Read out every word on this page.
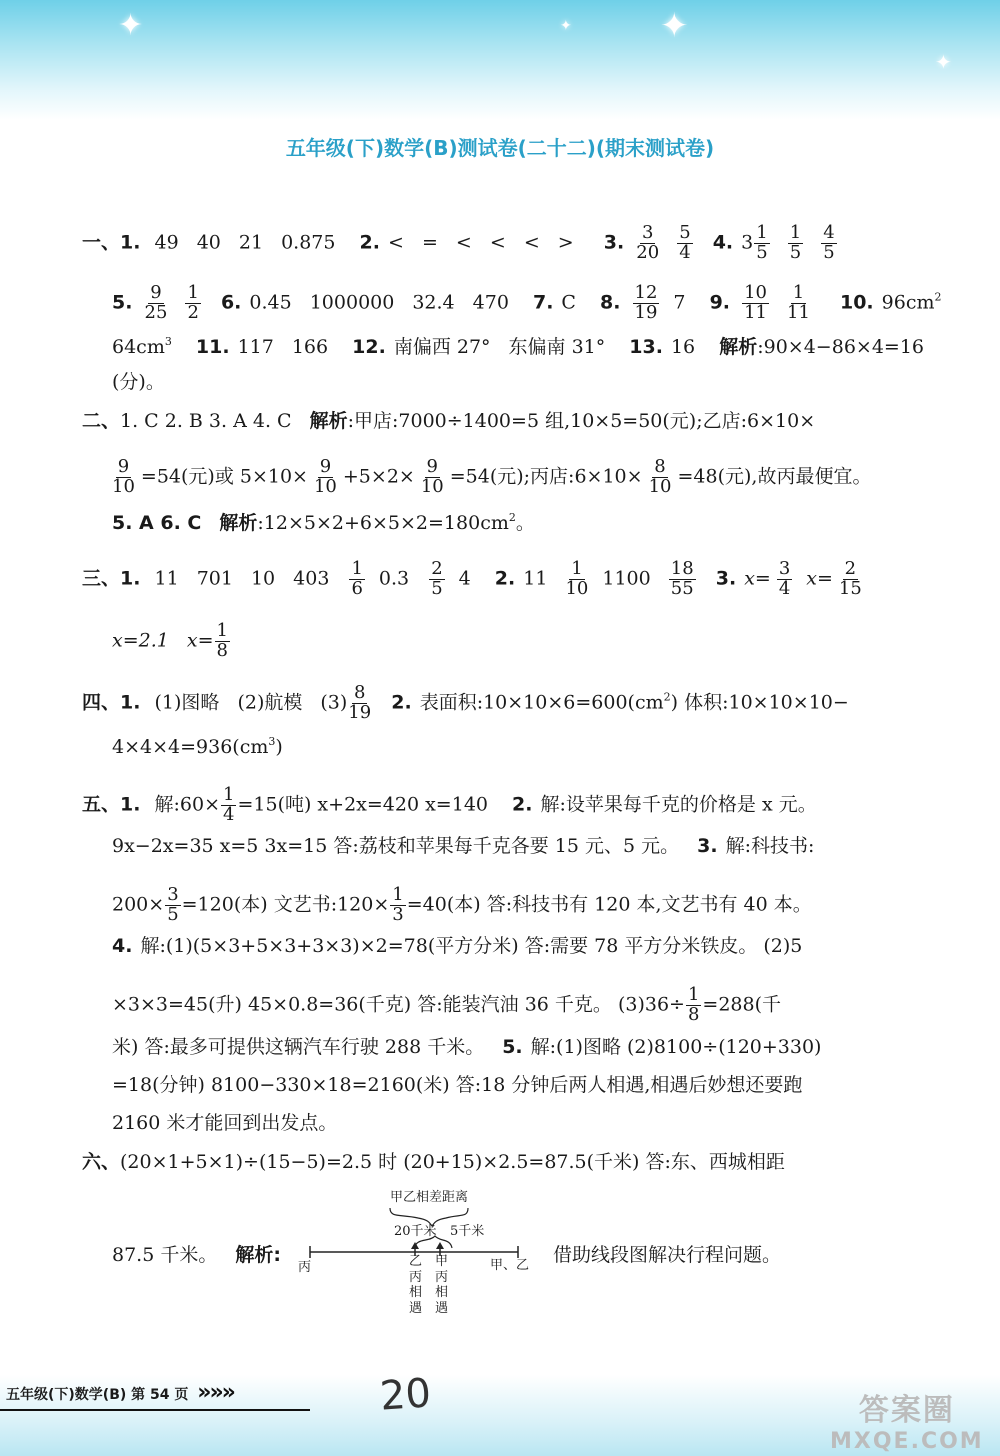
✦	✦	✦
✦
五年级(下)数学(B)测试卷(二十二)(期末测试卷)
一、1. 49 40 21 0.875 2. < = < < < > 3. $\frac{3}{20}$
$\frac{5}{4} 4$. $3 \frac{1}{5}$
$\frac{1}{5}$
$\frac{4}{5}$
5. $\frac{9}{25}$
$\frac{1}{2} 6$. 0.45 1000000 32.4 470 7. C 8. $\frac{12}{19} 7$ 9. $\frac{10}{11}$
$\frac{1}{11} 10$. $96cm^2$
$64cm^3$ 11. 117 166 12. 南偏西 27° 东偏南 31° 13. 16 解析:90×4−86×4=16
(分)。
二、1. C 2. B 3. A 4. C 解析:甲店:7000÷1400=5 组,10×5=50(元);乙店:6×10×
$\frac{9}{10} =54$(元)或 $5\times 10\times \frac{9}{10} +5\times 2\times \frac{9}{10} =54$(元);丙店:6×10× $\frac{8}{10} =48$(元),故丙最便宜。
5. A 6. C 解析$:12\times 5\times 2+6\times 5\times 2=180cm^2$。
三、1. 11 701 10 $403 \frac{1}{6} 0.3 \frac{2}{5} 4$ 2. $11 \frac{1}{10} 1100 \frac{18}{55} 3$. $x= \frac{3}{4} x= \frac{2}{15}$
x=2.1 $x= \frac{1}{8}$
四、1. (1)图略 (2)航模 $(3) \frac{8}{19} 2$. 表面积$:10\times 10\times 6=600(cm^2)$ 体积:10×10×10−
$4\times 4\times 4=936(cm^3)$
五、1. 解:60× $\frac{1}{4} =15$(吨) x+2x=420 x=140 2. 解:设苹果每千克的价格是 x 元。
9x−2x=35 x=5 3x=15 答:荔枝和苹果每千克各要 15 元、5 元。 3. 解:科技书:
$200\times \frac{3}{5} =120$(本) 文艺书:120× $\frac{1}{3} =40$(本) 答:科技书有 120 本,文艺书有 40 本。
4. 解:(1)(5×3+5×3+3×3)×2=78(平方分米) 答:需要 78 平方分米铁皮。 (2)5
×3×3=45(升) 45×0.8=36(千克) 答:能装汽油 36 千克。 $(3)36\div \frac{1}{8} =288$(千
米) 答:最多可提供这辆汽车行驶 288 千米。 5. 解:(1)图略 (2)8100÷(120+330)
=18(分钟) 8100−330×18=2160(米) 答:18 分钟后两人相遇,相遇后妙想还要跑
2160 米才能回到出发点。
六、(20×1+5×1)÷(15−5)=2.5 时 (20+15)×2.5=87.5(千米) 答:东、西城相距
87.5 千米。 解析:	借助线段图解决行程问题。
甲乙相差距离
20千米 5千米
丙	甲、乙
乙丙相遇
甲丙相遇
五年级(下)数学(B) 第 54 页 »»»	20	答案圈
MXQE.COM
